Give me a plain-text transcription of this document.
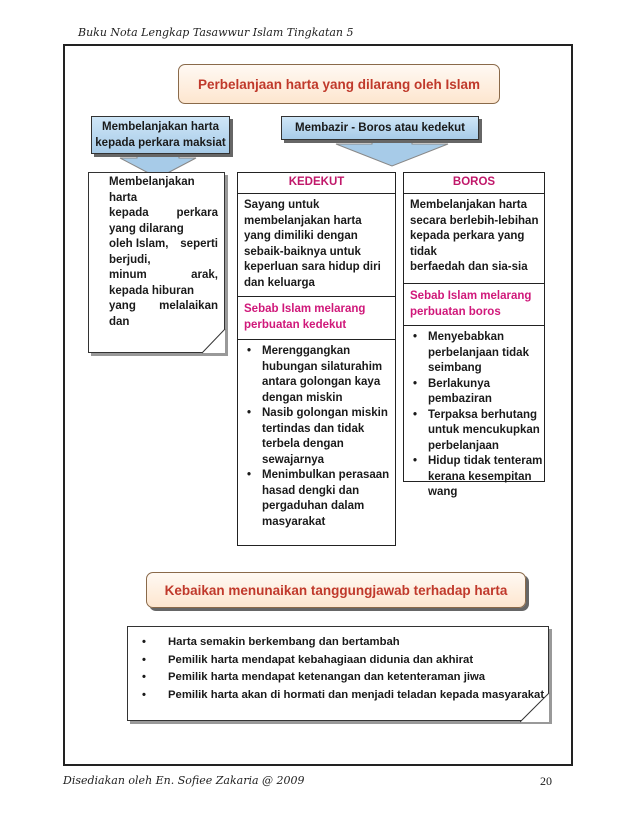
Buku Nota Lengkap Tasawwur Islam Tingkatan 5
Perbelanjaan harta yang dilarang oleh Islam
Membelanjakan harta
kepada perkara maksiat
Membazir - Boros atau kedekut
Membelanjakan
harta
kepada perkara
yang dilarang
oleh Islam, seperti
berjudi,
minum	arak,
kepada hiburan
yang melalaikan
dan
KEDEKUT
Sayang untuk
membelanjakan harta
yang dimiliki dengan
sebaik-baiknya untuk
keperluan sara hidup diri
dan keluarga
Sebab Islam melarang
perbuatan kedekut
• Merenggangkan
hubungan silaturahim
antara golongan kaya
dengan miskin
• Nasib golongan miskin
tertindas dan tidak
terbela dengan
sewajarnya
• Menimbulkan perasaan
hasad dengki dan
pergaduhan dalam
masyarakat
BOROS
Membelanjakan harta
secara berlebih-lebihan
kepada perkara yang tidak
berfaedah dan sia-sia
Sebab Islam melarang
perbuatan boros
• Menyebabkan
perbelanjaan tidak
seimbang
• Berlakunya pembaziran
• Terpaksa berhutang
untuk mencukupkan
perbelanjaan
• Hidup tidak tenteram
kerana kesempitan
wang
Kebaikan menunaikan tanggungjawab terhadap harta
•	Harta semakin berkembang dan bertambah
•	Pemilik harta mendapat kebahagiaan didunia dan akhirat
•	Pemilik harta mendapat ketenangan dan ketenteraman jiwa
•	Pemilik harta akan di hormati dan menjadi teladan kepada masyarakat
Disediakan oleh En. Sofiee Zakaria @ 2009	20
